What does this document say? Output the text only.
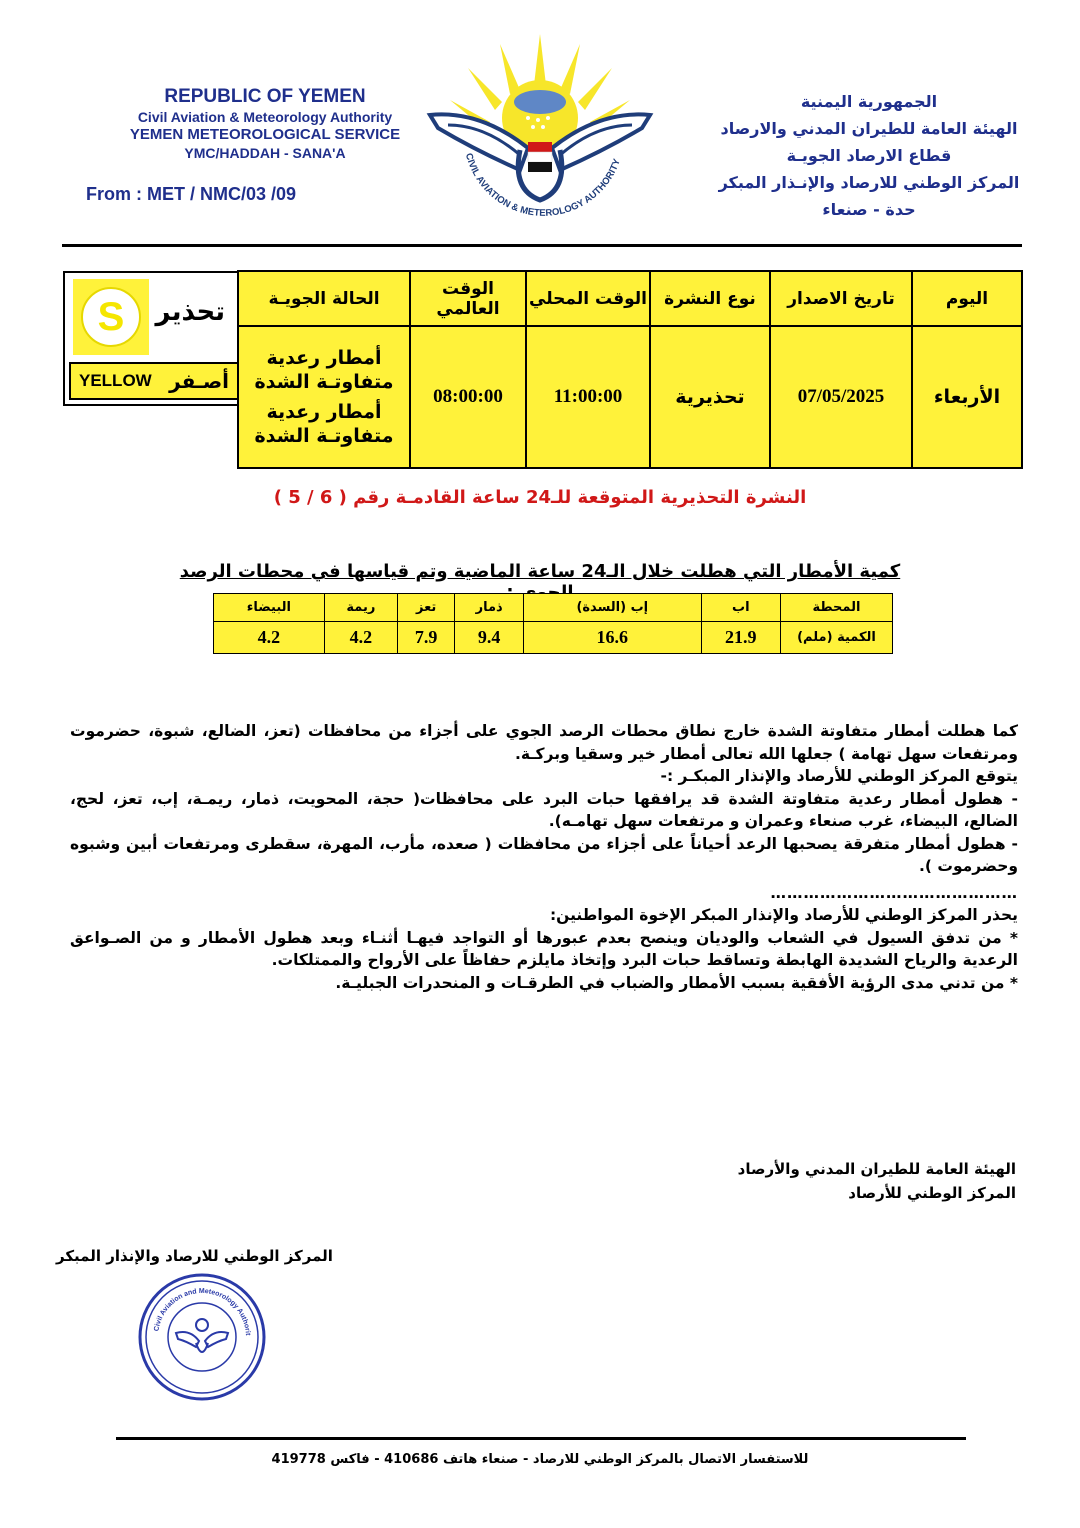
REPUBLIC OF YEMEN
Civil Aviation & Meteorology Authority
YEMEN METEOROLOGICAL SERVICE
YMC/HADDAH - SANA'A
From : MET / NMC/03 /09
CIVIL AVIATION & METEROLOGY AUTHORITY
الجمهورية اليمنية
الهيئة العامة للطيران المدني والارصاد
قطاع الارصاد الجويـة
المركز الوطني للارصاد والإنـذار المبكر
حدة - صنعاء
S	تحذير
YELLOW أصـفر
اليوم	تاريخ الاصدار	نوع النشرة	الوقت المحلي	الوقت العالمي	الحالة الجويـة
الأربعاء	07/05/2025	تحذيرية	11:00:00	08:00:00	أمطار رعدية متفاوتـة الشدة
أمطار رعدية متفاوتـة الشدة
النشرة التحذيرية المتوقعة للـ24 ساعة القادمـة رقم ( 6 / 5 )
كمية الأمطار التي هطلت خلال الـ24 ساعة الماضية وتم قياسها في محطات الرصد
المحطة	اب	إب (السدة)	ذمار	تعز	ريمة	البيضاء
الكمية (ملم)	21.9	16.6	9.4	7.9	4.2	4.2

كما هطلت أمطار متفاوتة الشدة خارج نطاق محطات الرصد الجوي على أجزاء من محافظات (تعز، الضالع، شبوة، حضرموت ومرتفعات سهل تهامة ) جعلها الله تعالى أمطار خير وسقيا وبركـة.

يتوقع المركز الوطني للأرصاد والإنذار المبكـر :-

- هطول أمطار رعدية متفاوتة الشدة قد يرافقها حبات البرد على محافظات( حجة، المحويت، ذمار، ريمـة، إب، تعز، لحج، الضالع، البيضاء، غرب صنعاء وعمران و مرتفعات سهل تهامـه).

- هطول أمطار متفرقة يصحبها الرعد أحياناً على أجزاء من محافظات ( صعده، مأرب، المهرة، سقطرى ومرتفعات أبين وشبوه وحضرموت ).

………………………………………

يحذر المركز الوطني للأرصاد والإنذار المبكر الإخوة المواطنين:

* من تدفق السيول في الشعاب والوديان وينصح بعدم عبورها أو التواجد فيهـا أثنـاء وبعد هطول الأمطار و من الصـواعق الرعدية والرياح الشديدة الهابطة وتساقط حبات البرد وإتخاذ مايلزم حفاظاً على الأرواح والممتلكات.

* من تدني مدى الرؤية الأفقية بسبب الأمطار والضباب في الطرقـات و المنحدرات الجبليـة.

الهيئة العامة للطيران المدني والأرصاد
المركز الوطني للأرصاد
المركز الوطني للارصاد والإنذار المبكر
Civil Aviation and Meteorology Authorit
للاستفسار الاتصال بالمركز الوطني للارصاد - صنعاء هاتف 410686 - فاكس 419778
